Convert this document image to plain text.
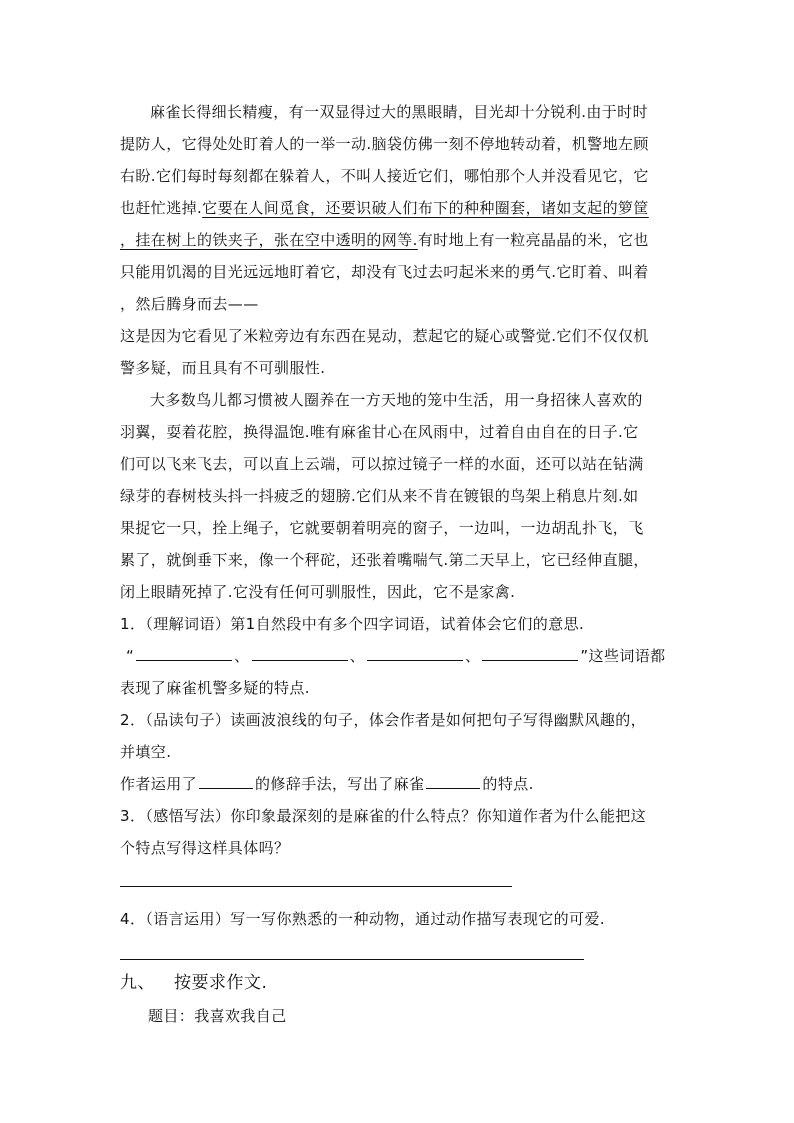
麻雀长得细长精瘦，有一双显得过大的黑眼睛，目光却十分锐利.由于时时
提防人，它得处处盯着人的一举一动.脑袋仿佛一刻不停地转动着，机警地左顾
右盼.它们每时每刻都在躲着人，不叫人接近它们，哪怕那个人并没看见它，它
也赶忙逃掉.它要在人间觅食，还要识破人们布下的种种圈套，诸如支起的箩筐
，挂在树上的铁夹子，张在空中透明的网等.有时地上有一粒亮晶晶的米，它也
只能用饥渴的目光远远地盯着它，却没有飞过去叼起米来的勇气.它盯着、叫着
，然后腾身而去——
这是因为它看见了米粒旁边有东西在晃动，惹起它的疑心或警觉.它们不仅仅机
警多疑，而且具有不可驯服性.
大多数鸟儿都习惯被人圈养在一方天地的笼中生活，用一身招徕人喜欢的
羽翼，耍着花腔，换得温饱.唯有麻雀甘心在风雨中，过着自由自在的日子.它
们可以飞来飞去，可以直上云端，可以掠过镜子一样的水面，还可以站在钻满
绿芽的春树枝头抖一抖疲乏的翅膀.它们从来不肯在镀银的鸟架上稍息片刻.如
果捉它一只，拴上绳子，它就要朝着明亮的窗子，一边叫，一边胡乱扑飞，飞
累了，就倒垂下来，像一个秤砣，还张着嘴喘气.第二天早上，它已经伸直腿，
闭上眼睛死掉了.它没有任何可驯服性，因此，它不是家禽.
1．（理解词语）第1自然段中有多个四字词语，试着体会它们的意思.
“	、	、	、	”这些词语都
表现了麻雀机警多疑的特点.
2．（品读句子）读画波浪线的句子，体会作者是如何把句子写得幽默风趣的，
并填空.
作者运用了	的修辞手法，写出了麻雀	的特点.
3．（感悟写法）你印象最深刻的是麻雀的什么特点？你知道作者为什么能把这
个特点写得这样具体吗？
4．（语言运用）写一写你熟悉的一种动物，通过动作描写表现它的可爱.
九、 按要求作文.
题目：我喜欢我自己
